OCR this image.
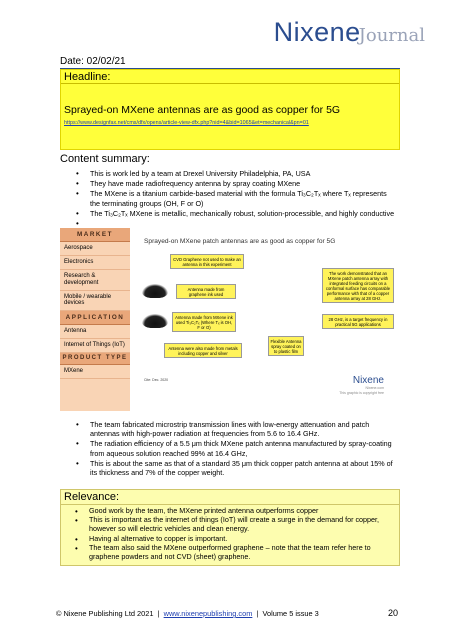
NixeneJournal
Date: 02/02/21
Headline:
Sprayed-on MXene antennas are as good as copper for 5G
https://www.designfax.net/cms/dfx/opens/article-view-dfx.php?nid=4&bid=1065&et=mechanical&pn=01
Content summary:
• This is work led by a team at Drexel University Philadelphia, PA, USA
• They have made radiofrequency antenna by spray coating MXene
• The MXene is a titanium carbide-based material with the formula Ti₃C₂Tₓ where Tₓ represents the terminating groups (OH, F or O)
• The Ti₃C₂Tₓ MXene is metallic, mechanically robust, solution-processible, and highly conductive
MARKET
Aerospace
Electronics
Research & development
Mobile / wearable devices
APPLICATION
Antenna
Internet of Things (IoT)
PRODUCT TYPE
MXene
Sprayed-on MXene patch antennas are as good as copper for 5G
CVD Graphene not used to make an antenna in this experiment
Antenna made from graphene ink used
Antenna made from MXene ink used Ti₃C₂Tₓ (Where Tₓ is OH, F or O)
Antenna were also made from metals including copper and silver
Flexible Antenna spray coated on to plastic film
The work demonstrated that an MXene patch antenna array with integrated feeding circuits on a conformal surface has comparable performance with that of a copper antenna array at 28 GHz.
28 GHz, is a target frequency in practical 5G applications
Cite: Dec. 2020	Nixene
Nixene.com
This graphic is copyright free
• The team fabricated microstrip transmission lines with low-energy attenuation and patch antennas with high-power radiation at frequencies from 5.6 to 16.4 GHz.
• The radiation efficiency of a 5.5 μm thick MXene patch antenna manufactured by spray-coating from aqueous solution reached 99% at 16.4 GHz,
• This is about the same as that of a standard 35 μm thick copper patch antenna at about 15% of its thickness and 7% of the copper weight.
Relevance:
• Good work by the team, the MXene printed antenna outperforms copper
• This is important as the internet of things (IoT) will create a surge in the demand for copper, however so will electric vehicles and clean energy.
• Having al alternative to copper is important.
• The team also said the MXene outperformed graphene – note that the team refer here to graphene powders and not CVD (sheet) graphene.
© Nixene Publishing Ltd 2021 | www.nixenepublishing.com | Volume 5 issue 3	20
